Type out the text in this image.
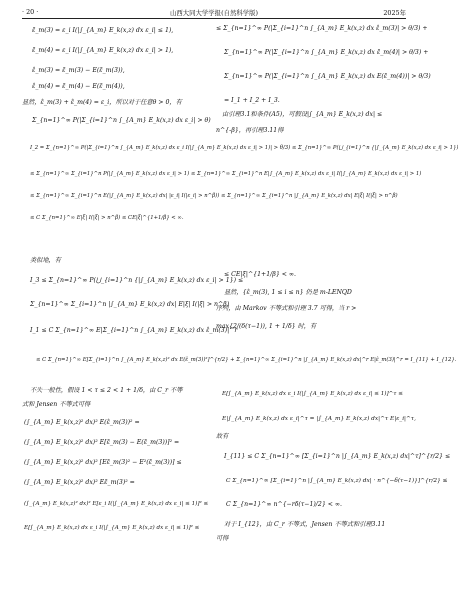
· 20 ·	山西大同大学学报(自然科学版)	2025年
ε̃_m(3) = ε_i I(|∫_{A_m} E_k(x,z) dx ε_i| ≤ 1),
ε̃_m(4) = ε_i I(|∫_{A_m} E_k(x,z) dx ε_i| > 1),
ε̂_m(3) = ε̃_m(3) − E(ε̃_m(3)),
ε̂_m(4) = ε̃_m(4) − E(ε̃_m(4)),
显然，ε̂_m(3) + ε̂_m(4) = ε_i，所以对于任意θ > 0，有
Σ_{n=1}^∞ P(|Σ_{i=1}^n ∫_{A_m} E_k(x,z) dx ε_i| > θ)
≤ Σ_{n=1}^∞ P(|Σ_{i=1}^n ∫_{A_m} E_k(x,z) dx ε̂_m(3)| > θ/3) +
Σ_{n=1}^∞ P(|Σ_{i=1}^n ∫_{A_m} E_k(x,z) dx ε̃_m(4)| > θ/3) +
Σ_{n=1}^∞ P(|Σ_{i=1}^n ∫_{A_m} E_k(x,z) dx E(ε̃_m(4))| > θ/3)
= I_1 + I_2 + I_3.
由引理3.1和条件(A5)，可假设|∫_{A_m} E_k(x,z) dx| ≤
n^{-β}，再引理3.11得
I_2 = Σ_{n=1}^∞ P(|Σ_{i=1}^n ∫_{A_m} E_k(x,z) dx ε_i I(|∫_{A_m} E_k(x,z) dx ε_i| > 1)| > θ/3) ≤ Σ_{n=1}^∞ P(⋃_{i=1}^n {|∫_{A_m} E_k(x,z) dx ε_i| > 1})
≤ Σ_{n=1}^∞ Σ_{i=1}^n P(|∫_{A_m} E_k(x,z) dx ε_i| > 1) ≤ Σ_{n=1}^∞ Σ_{i=1}^n E|∫_{A_m} E_k(x,z) dx ε_i| I(|∫_{A_m} E_k(x,z) dx ε_i| > 1)
≤ Σ_{n=1}^∞ Σ_{i=1}^n E(|∫_{A_m} E_k(x,z) dx| |ε_i| I(|ε_i| > n^β)) ≤ Σ_{n=1}^∞ Σ_{i=1}^n |∫_{A_m} E_k(x,z) dx| E|ξ| I(|ξ| > n^β)
≤ C Σ_{n=1}^∞ E|ξ| I(|ξ| > n^β) ≤ CE|ξ|^{1+1/β} < ∞.
类似地，有
I_3 ≤ Σ_{n=1}^∞ P(⋃_{i=1}^n {|∫_{A_m} E_k(x,z) dx ε_i| > 1}) ≤
Σ_{n=1}^∞ Σ_{i=1}^n |∫_{A_m} E_k(x,z) dx| E|ξ| I(|ξ| > n^β)
I_1 ≤ C Σ_{n=1}^∞ E|Σ_{i=1}^n ∫_{A_m} E_k(x,z) dx ε̂_m(3)|^r
≤ CE|ξ|^{1+1/β} < ∞.
显然，{ε̂_m(3), 1 ≤ i ≤ n} 仍是 m-LENQD
序列，由 Markov 不等式和引理 3.7 可得，当 r >
max{2/(δ(τ−1)), 1 + 1/δ} 时，有
≤ C Σ_{n=1}^∞ E[Σ_{i=1}^n ∫_{A_m} E_k(x,z)² dx E(ε̂_m(3))²]^{r/2} + Σ_{n=1}^∞ Σ_{i=1}^n |∫_{A_m} E_k(x,z) dx|^r E|ε̂_m(3)|^r = I_{11} + I_{12}.
不失一般性，假设 1 < τ ≤ 2 < 1 + 1/δ，由 C_r 不等
式和 Jensen 不等式可得
(∫_{A_m} E_k(x,z)² dx)² E(ε̂_m(3))² =
(∫_{A_m} E_k(x,z)² dx)² E[ε̃_m(3) − E(ε̃_m(3))]² =
(∫_{A_m} E_k(x,z)² dx)² [Eε̃_m(3)² − E²(ε̃_m(3))] ≤
(∫_{A_m} E_k(x,z)² dx)² Eε̃_m(3)² =
(∫_{A_m} E_k(x,z)² dx)² E[ε_i I(|∫_{A_m} E_k(x,z) dx ε_i| ≤ 1)]² ≤
E[∫_{A_m} E_k(x,z) dx ε_i I(|∫_{A_m} E_k(x,z) dx ε_i| ≤ 1)]² ≤
E[∫_{A_m} E_k(x,z) dx ε_i I(|∫_{A_m} E_k(x,z) dx ε_i| ≤ 1)]^τ ≤
E|∫_{A_m} E_k(x,z) dx ε_i|^τ = |∫_{A_m} E_k(x,z) dx|^τ E|ε_i|^τ,
故有
I_{11} ≤ C Σ_{n=1}^∞ [Σ_{i=1}^n |∫_{A_m} E_k(x,z) dx|^τ]^{r/2} ≤
C Σ_{n=1}^∞ [Σ_{i=1}^n |∫_{A_m} E_k(x,z) dx| · n^{−δ(τ−1)}]^{r/2} ≤
C Σ_{n=1}^∞ n^{−rδ(τ−1)/2} < ∞.
对于 I_{12}，由 C_r 不等式，Jensen 不等式和引理3.11
可得
